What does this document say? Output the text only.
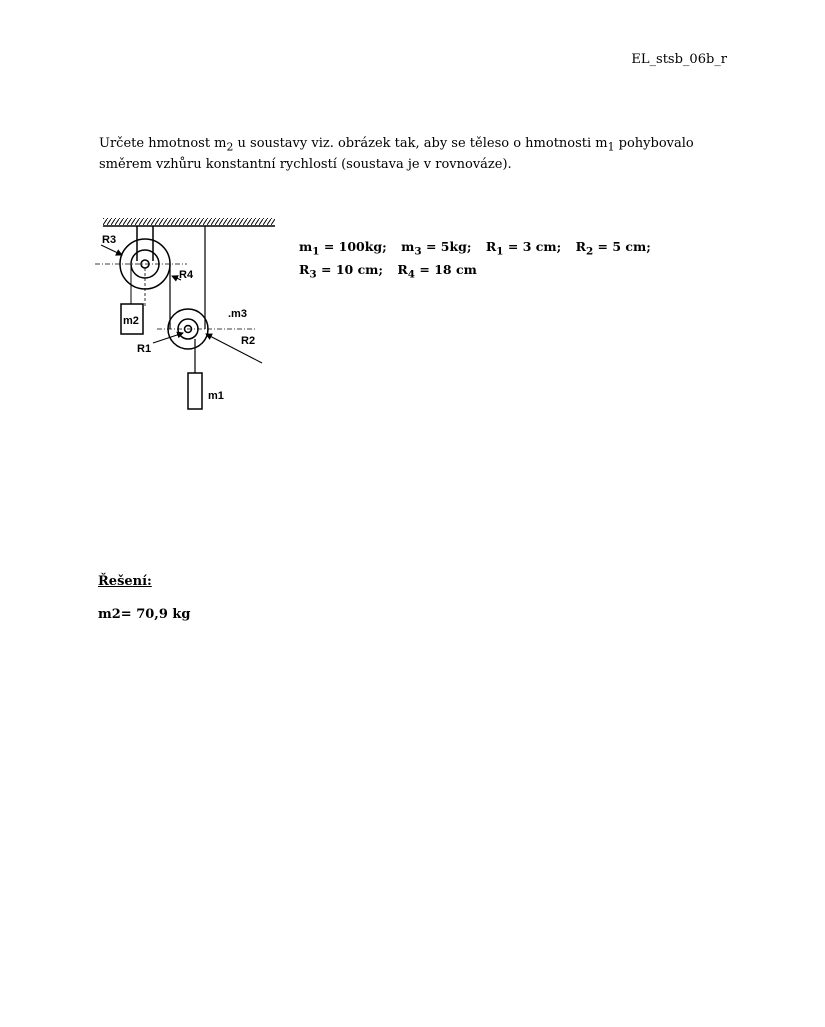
EL_stsb_06b_r
Určete hmotnost $m_2$ u soustavy viz. obrázek tak, aby se těleso o hmotnosti $m_1$ pohybovalo
směrem vzhůru konstantní rychlostí (soustava je v rovnováze).
$m_1 = 100kg$; $m_3 = 5kg$; $R_1 = 3$ cm; $R_2 = 5$ cm;
$R_3 = 10$ cm; $R_4 = 18$ cm
m2
m1
R3
R4
R1
R2
.m3
Řešení:
m2= 70,9 kg
